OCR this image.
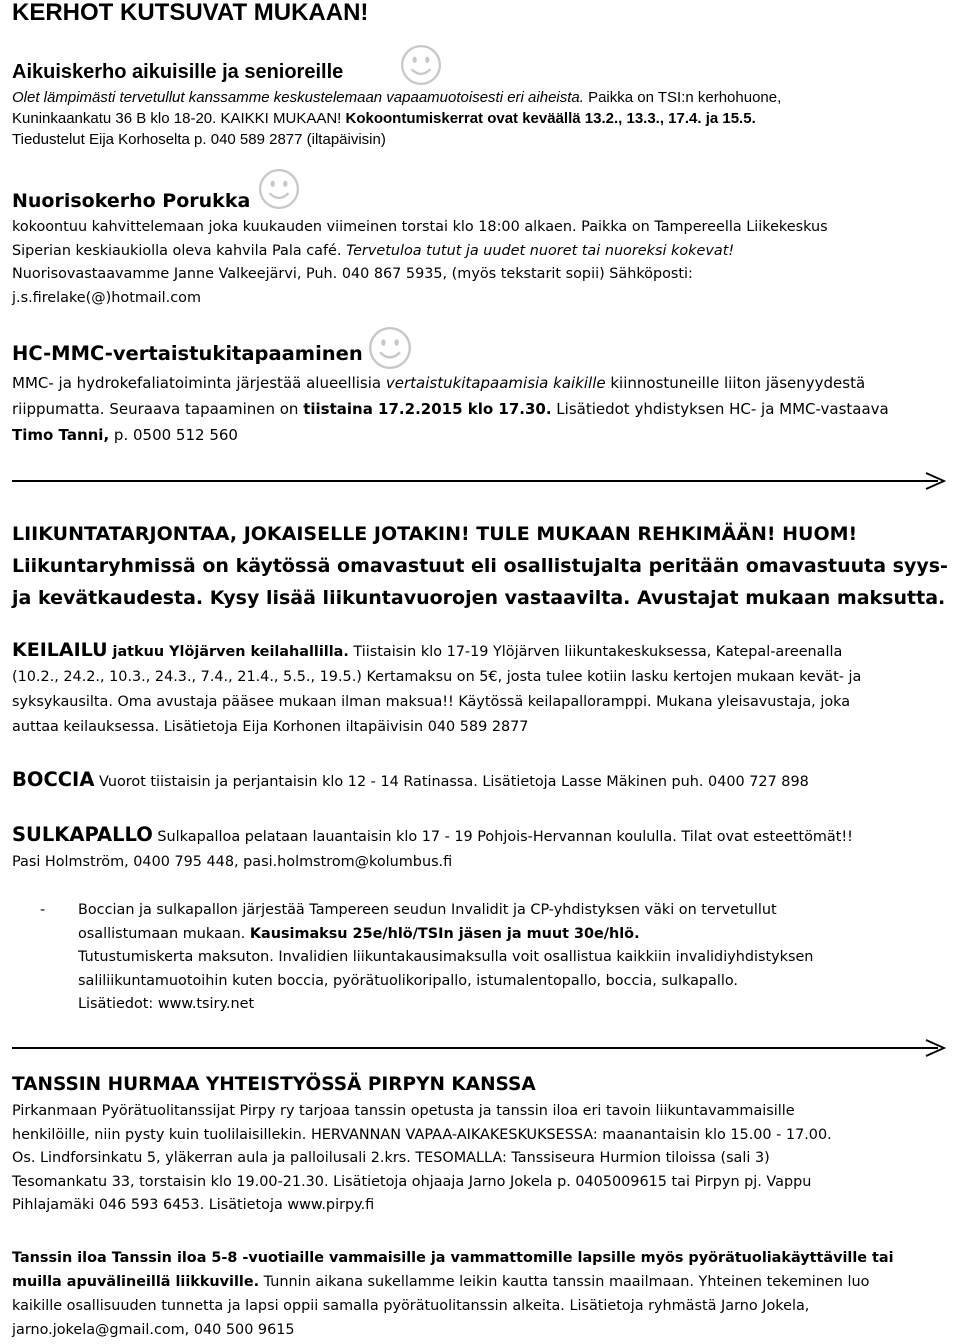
KERHOT KUTSUVAT MUKAAN!
Aikuiskerho aikuisille ja senioreille
Olet lämpimästi tervetullut kanssamme keskustelemaan vapaamuotoisesti eri aiheista. Paikka on TSI:n kerhohuone,
Kuninkaankatu 36 B klo 18-20. KAIKKI MUKAAN! Kokoontumiskerrat ovat keväällä 13.2., 13.3., 17.4. ja 15.5.
Tiedustelut Eija Korhoselta p. 040 589 2877 (iltapäivisin)
Nuorisokerho Porukka
kokoontuu kahvittelemaan joka kuukauden viimeinen torstai klo 18:00 alkaen. Paikka on Tampereella Liikekeskus
Siperian keskiaukiolla oleva kahvila Pala café. Tervetuloa tutut ja uudet nuoret tai nuoreksi kokevat!
Nuorisovastaavamme Janne Valkeejärvi, Puh. 040 867 5935, (myös tekstarit sopii) Sähköposti:
j.s.firelake(@)hotmail.com
HC-MMC-vertaistukitapaaminen
MMC- ja hydrokefaliatoiminta järjestää alueellisia vertaistukitapaamisia kaikille kiinnostuneille liiton jäsenyydestä
riippumatta. Seuraava tapaaminen on tiistaina 17.2.2015 klo 17.30. Lisätiedot yhdistyksen HC- ja MMC-vastaava
Timo Tanni, p. 0500 512 560
LIIKUNTATARJONTAA, JOKAISELLE JOTAKIN! TULE MUKAAN REHKIMÄÄN! HUOM!
Liikuntaryhmissä on käytössä omavastuut eli osallistujalta peritään omavastuuta syys-
ja kevätkaudesta. Kysy lisää liikuntavuorojen vastaavilta. Avustajat mukaan maksutta.
KEILAILU jatkuu Ylöjärven keilahallilla. Tiistaisin klo 17-19 Ylöjärven liikuntakeskuksessa, Katepal-areenalla
(10.2., 24.2., 10.3., 24.3., 7.4., 21.4., 5.5., 19.5.) Kertamaksu on 5€, josta tulee kotiin lasku kertojen mukaan kevät- ja
syksykausilta. Oma avustaja pääsee mukaan ilman maksua!! Käytössä keilapalloramppi. Mukana yleisavustaja, joka
auttaa keilauksessa. Lisätietoja Eija Korhonen iltapäivisin 040 589 2877
BOCCIA Vuorot tiistaisin ja perjantaisin klo 12 - 14 Ratinassa. Lisätietoja Lasse Mäkinen puh. 0400 727 898
SULKAPALLO Sulkapalloa pelataan lauantaisin klo 17 - 19 Pohjois-Hervannan koululla. Tilat ovat esteettömät!!
Pasi Holmström, 0400 795 448, pasi.holmstrom@kolumbus.fi
- Boccian ja sulkapallon järjestää Tampereen seudun Invalidit ja CP-yhdistyksen väki on tervetullut
osallistumaan mukaan. Kausimaksu 25e/hlö/TSIn jäsen ja muut 30e/hlö.
Tutustumiskerta maksuton. Invalidien liikuntakausimaksulla voit osallistua kaikkiin invalidiyhdistyksen
saliliikuntamuotoihin kuten boccia, pyörätuolikoripallo, istumalentopallo, boccia, sulkapallo.
Lisätiedot: www.tsiry.net
TANSSIN HURMAA YHTEISTYÖSSÄ PIRPYN KANSSA
Pirkanmaan Pyörätuolitanssijat Pirpy ry tarjoaa tanssin opetusta ja tanssin iloa eri tavoin liikuntavammaisille
henkilöille, niin pysty kuin tuolilaisillekin. HERVANNAN VAPAA-AIKAKESKUKSESSA: maanantaisin klo 15.00 - 17.00.
Os. Lindforsinkatu 5, yläkerran aula ja palloilusali 2.krs. TESOMALLA: Tanssiseura Hurmion tiloissa (sali 3)
Tesomankatu 33, torstaisin klo 19.00-21.30. Lisätietoja ohjaaja Jarno Jokela p. 0405009615 tai Pirpyn pj. Vappu
Pihlajamäki 046 593 6453. Lisätietoja www.pirpy.fi
Tanssin iloa Tanssin iloa 5-8 -vuotiaille vammaisille ja vammattomille lapsille myös pyörätuoliakäyttäville tai
muilla apuvälineillä liikkuville. Tunnin aikana sukellamme leikin kautta tanssin maailmaan. Yhteinen tekeminen luo
kaikille osallisuuden tunnetta ja lapsi oppii samalla pyörätuolitanssin alkeita. Lisätietoja ryhmästä Jarno Jokela,
jarno.jokela@gmail.com, 040 500 9615
